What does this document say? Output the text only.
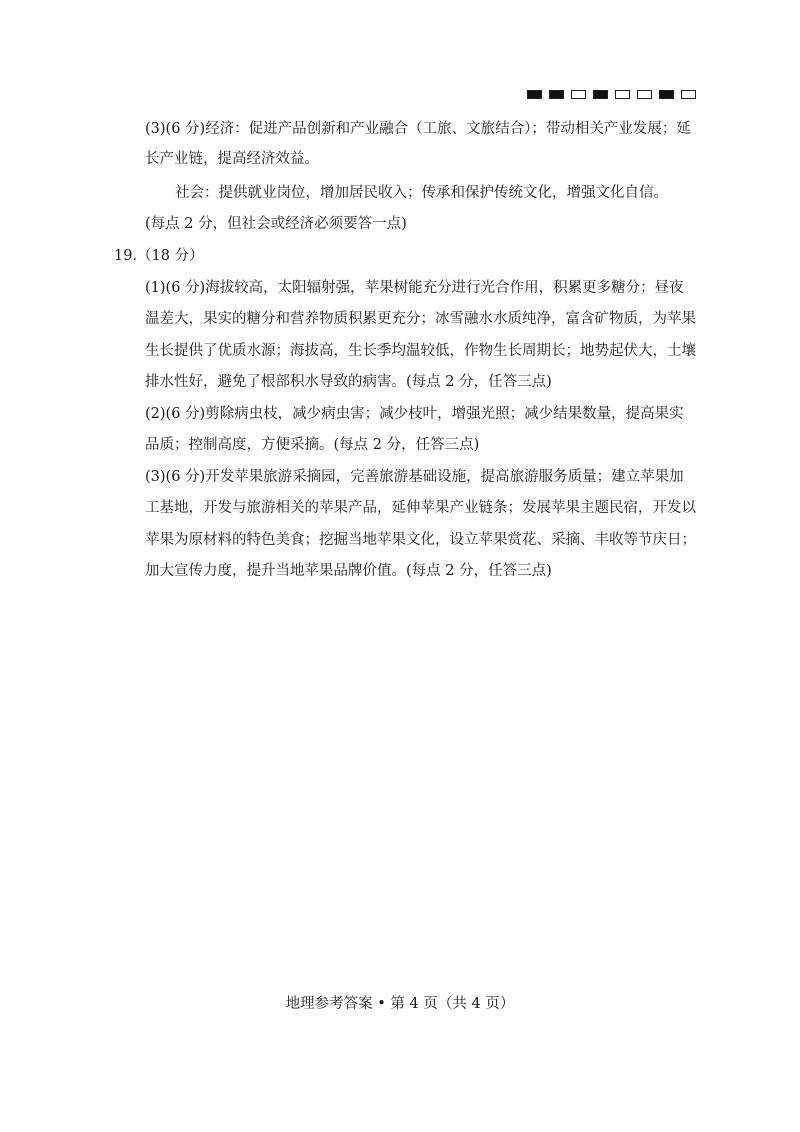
(3)(6 分)经济：促进产品创新和产业融合（工旅、文旅结合）；带动相关产业发展；延
长产业链，提高经济效益。
社会：提供就业岗位，增加居民收入；传承和保护传统文化，增强文化自信。
(每点 2 分，但社会或经济必须要答一点)
19.（18 分）
(1)(6 分)海拔较高，太阳辐射强，苹果树能充分进行光合作用，积累更多糖分；昼夜
温差大，果实的糖分和营养物质积累更充分；冰雪融水水质纯净，富含矿物质，为苹果
生长提供了优质水源；海拔高，生长季均温较低，作物生长周期长；地势起伏大，土壤
排水性好，避免了根部积水导致的病害。(每点 2 分，任答三点)
(2)(6 分)剪除病虫枝，减少病虫害；减少枝叶，增强光照；减少结果数量，提高果实
品质；控制高度，方便采摘。(每点 2 分，任答三点)
(3)(6 分)开发苹果旅游采摘园，完善旅游基础设施，提高旅游服务质量；建立苹果加
工基地，开发与旅游相关的苹果产品，延伸苹果产业链条；发展苹果主题民宿，开发以
苹果为原材料的特色美食；挖掘当地苹果文化，设立苹果赏花、采摘、丰收等节庆日；
加大宣传力度，提升当地苹果品牌价值。(每点 2 分，任答三点)
地理参考答案 • 第 4 页（共 4 页）
